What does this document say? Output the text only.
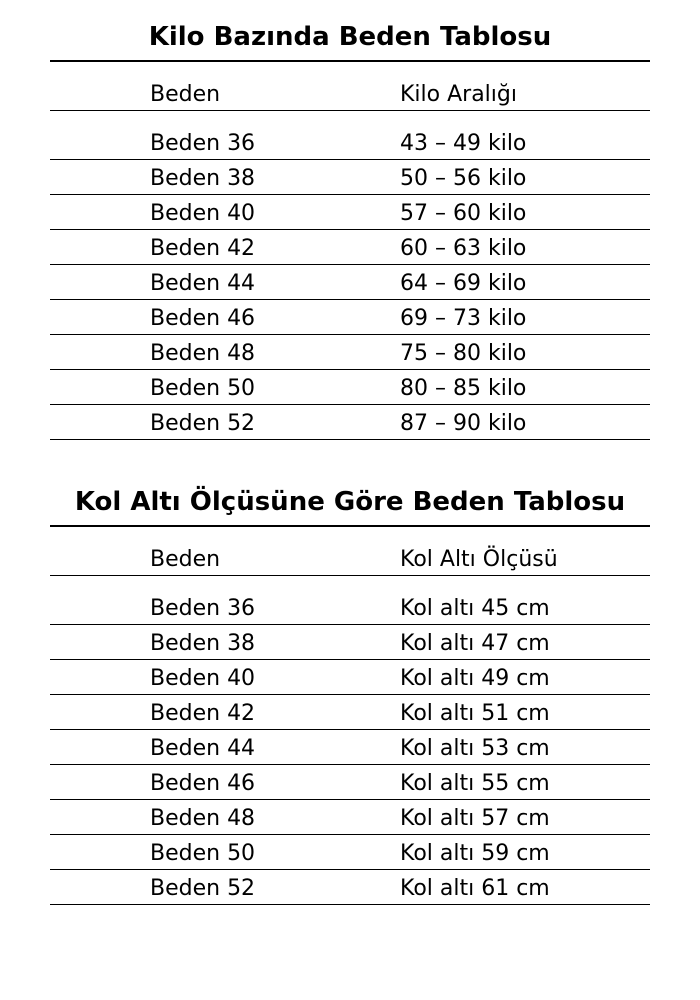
Kilo Bazında Beden Tablosu
Beden	Kilo Aralığı
Beden 36	43 – 49 kilo
Beden 38	50 – 56 kilo
Beden 40	57 – 60 kilo
Beden 42	60 – 63 kilo
Beden 44	64 – 69 kilo
Beden 46	69 – 73 kilo
Beden 48	75 – 80 kilo
Beden 50	80 – 85 kilo
Beden 52	87 – 90 kilo
Kol Altı Ölçüsüne Göre Beden Tablosu
Beden	Kol Altı Ölçüsü
Beden 36	Kol altı 45 cm
Beden 38	Kol altı 47 cm
Beden 40	Kol altı 49 cm
Beden 42	Kol altı 51 cm
Beden 44	Kol altı 53 cm
Beden 46	Kol altı 55 cm
Beden 48	Kol altı 57 cm
Beden 50	Kol altı 59 cm
Beden 52	Kol altı 61 cm
